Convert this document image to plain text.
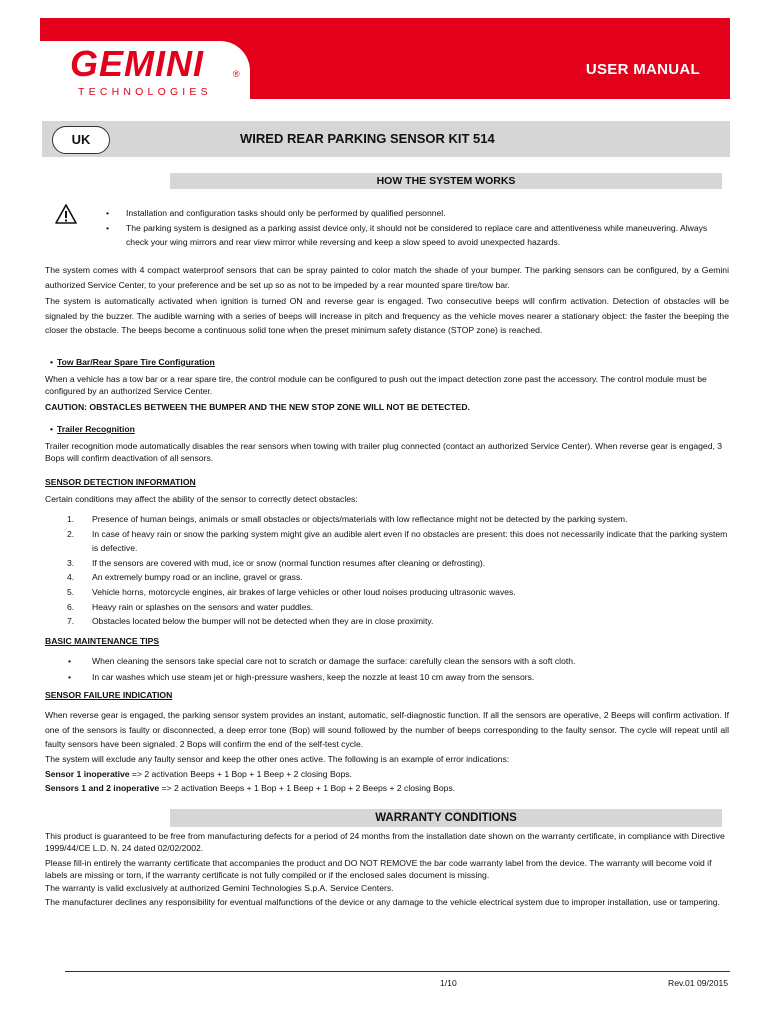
GEMINI	®
TECHNOLOGIES
USER MANUAL
UK	WIRED REAR PARKING SENSOR KIT 514
HOW THE SYSTEM WORKS
• Installation and configuration tasks should only be performed by qualified personnel.
• The parking system is designed as a parking assist device only, it should not be considered to replace care and attentiveness while maneuvering. Always check your wing mirrors and rear view mirror while reversing and keep a slow speed to avoid unexpected hazards.
The system comes with 4 compact waterproof sensors that can be spray painted to color match the shade of your bumper. The parking sensors can be configured, by a Gemini authorized Service Center, to your preference and be set up so as not to be impeded by a rear mounted spare tire/tow bar.
The system is automatically activated when ignition is turned ON and reverse gear is engaged. Two consecutive beeps will confirm activation. Detection of obstacles will be signaled by the buzzer. The audible warning with a series of beeps will increase in pitch and frequency as the vehicle moves nearer a stationary object: the faster the beeping the closer the obstacle. The beeps become a continuous solid tone when the preset minimum safety distance (STOP zone) is reached.
• Tow Bar/Rear Spare Tire Configuration
When a vehicle has a tow bar or a rear spare tire, the control module can be configured to push out the impact detection zone past the accessory. The control module must be configured by an authorized Service Center.
CAUTION: OBSTACLES BETWEEN THE BUMPER AND THE NEW STOP ZONE WILL NOT BE DETECTED.
• Trailer Recognition
Trailer recognition mode automatically disables the rear sensors when towing with trailer plug connected (contact an authorized Service Center). When reverse gear is engaged, 3 Bops will confirm deactivation of all sensors.
SENSOR DETECTION INFORMATION
Certain conditions may affect the ability of the sensor to correctly detect obstacles:
1. Presence of human beings, animals or small obstacles or objects/materials with low reflectance might not be detected by the parking system.
2. In case of heavy rain or snow the parking system might give an audible alert even if no obstacles are present: this does not necessarily indicate that the parking system is defective.
3. If the sensors are covered with mud, ice or snow (normal function resumes after cleaning or defrosting).
4. An extremely bumpy road or an incline, gravel or grass.
5. Vehicle horns, motorcycle engines, air brakes of large vehicles or other loud noises producing ultrasonic waves.
6. Heavy rain or splashes on the sensors and water puddles.
7. Obstacles located below the bumper will not be detected when they are in close proximity.
BASIC MAINTENANCE TIPS
• When cleaning the sensors take special care not to scratch or damage the surface: carefully clean the sensors with a soft cloth.
• In car washes which use steam jet or high-pressure washers, keep the nozzle at least 10 cm away from the sensors.
SENSOR FAILURE INDICATION
When reverse gear is engaged, the parking sensor system provides an instant, automatic, self-diagnostic function. If all the sensors are operative, 2 Beeps will confirm activation. If one of the sensors is faulty or disconnected, a deep error tone (Bop) will sound followed by the number of beeps corresponding to the faulty sensor. The cycle will repeat until all faulty sensors have been signaled. 2 Bops will confirm the end of the self-test cycle.
The system will exclude any faulty sensor and keep the other ones active. The following is an example of error indications:
Sensor 1 inoperative => 2 activation Beeps + 1 Bop + 1 Beep + 2 closing Bops.
Sensors 1 and 2 inoperative => 2 activation Beeps + 1 Bop + 1 Beep + 1 Bop + 2 Beeps + 2 closing Bops.
WARRANTY CONDITIONS
This product is guaranteed to be free from manufacturing defects for a period of 24 months from the installation date shown on the warranty certificate, in compliance with Directive 1999/44/CE L.D. N. 24 dated 02/02/2002.
Please fill-in entirely the warranty certificate that accompanies the product and DO NOT REMOVE the bar code warranty label from the device. The warranty will become void if labels are missing or torn, if the warranty certificate is not fully compiled or if the enclosed sales document is missing.
The warranty is valid exclusively at authorized Gemini Technologies S.p.A. Service Centers.
The manufacturer declines any responsibility for eventual malfunctions of the device or any damage to the vehicle electrical system due to improper installation, use or tampering.
1/10	Rev.01 09/2015
